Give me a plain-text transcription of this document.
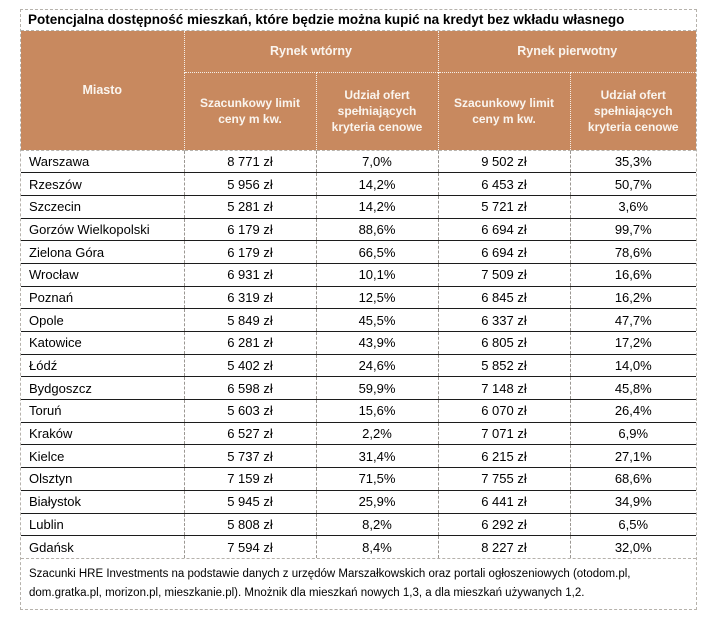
Potencjalna dostępność mieszkań, które będzie można kupić na kredyt bez wkładu własnego
Miasto	Rynek wtórny		Rynek pierwotny	
	Szacunkowy limit ceny m kw.	Udział ofert spełniających kryteria cenowe	Szacunkowy limit ceny m kw.	Udział ofert spełniających kryteria cenowe
Warszawa	8 771 zł	7,0%	9 502 zł	35,3%
Rzeszów	5 956 zł	14,2%	6 453 zł	50,7%
Szczecin	5 281 zł	14,2%	5 721 zł	3,6%
Gorzów Wielkopolski	6 179 zł	88,6%	6 694 zł	99,7%
Zielona Góra	6 179 zł	66,5%	6 694 zł	78,6%
Wrocław	6 931 zł	10,1%	7 509 zł	16,6%
Poznań	6 319 zł	12,5%	6 845 zł	16,2%
Opole	5 849 zł	45,5%	6 337 zł	47,7%
Katowice	6 281 zł	43,9%	6 805 zł	17,2%
Łódź	5 402 zł	24,6%	5 852 zł	14,0%
Bydgoszcz	6 598 zł	59,9%	7 148 zł	45,8%
Toruń	5 603 zł	15,6%	6 070 zł	26,4%
Kraków	6 527 zł	2,2%	7 071 zł	6,9%
Kielce	5 737 zł	31,4%	6 215 zł	27,1%
Olsztyn	7 159 zł	71,5%	7 755 zł	68,6%
Białystok	5 945 zł	25,9%	6 441 zł	34,9%
Lublin	5 808 zł	8,2%	6 292 zł	6,5%
Gdańsk	7 594 zł	8,4%	8 227 zł	32,0%
Szacunki HRE Investments na podstawie danych z urzędów Marszałkowskich oraz portali ogłoszeniowych (otodom.pl, dom.gratka.pl, morizon.pl, mieszkanie.pl). Mnożnik dla mieszkań nowych 1,3, a dla mieszkań używanych 1,2.
